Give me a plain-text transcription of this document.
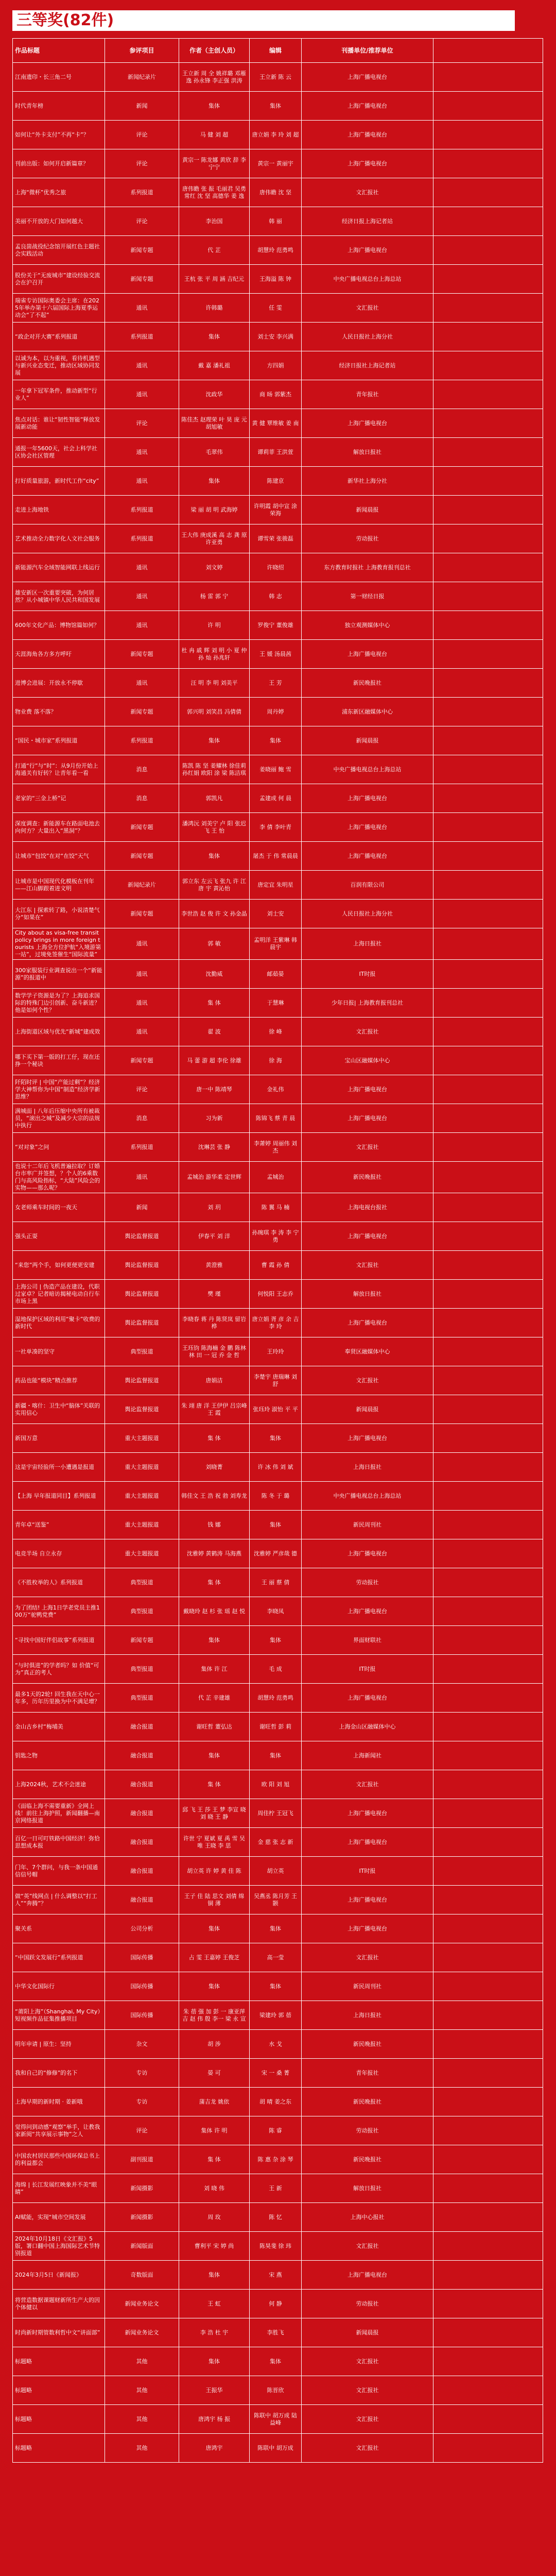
三等奖(82件)
作品标题	参评项目	作者（主创人员）	编辑	刊播单位/推荐单位	
江南遗印・长三角二号	新闻纪录片	王立新 周 全 姚祥璐 邓雁逸 孙永锋 李正强 洪涛	王立新 陈 云	上海广播电视台	
时代青年榜	新闻	集体	集体	上海广播电视台	
如何让“外卡支付”不再“卡”？	评论	马 健 刘 超	唐立娟 李 玲 刘 超	上海广播电视台	
刊前出版：如何开启新篇章？	评论	黄宗一 陈龙娜 黄欣 辞 李宁宁	黄宗一 黄丽宇	上海广播电视台	
上海“微杯”优秀之旅	系列报道	唐伟瞻 张 振 毛丽君 吴勇 常红 沈 坚 高德华 姜 逸	唐伟瞻 沈 坚	文汇报社	
美丽不开放的大门如何越大	评论	李治国	韩 丽	经济日报上海记者站	
孟良崮战役纪念馆开展红色主题社会实践活动	新闻专题	代 芷	胡慧玲 范勇鸣	上海广播电视台	
股份关于“无废城市”建设经验交流会在沪召开	新闻专题	王杭 张 平 周 涵 吉纪元	王海溢 陈 钟	中央广播电视总台上海总站	
瑞雀专访国际奥委会主席：在2025年举办第十六届国际上海夏季运动会“了不起”	通讯	许韩璐	任 雯	文汇报社	
“政企对开大赛”系列报道	系列报道	集体	刘士安 李兴满	人民日报社上海分社	
以诚为本，以为重视，看待机遇型与新兴业态变迁，推动区域协同发展	通讯	戴 嘉 潘礼祖	方四娟	经济日报社上海记者站	
一年拿下冠军条件，推动新型“行业人”	通讯	沈政华	商 旸 郭紫杰	青年报社	
焦点对话：谁让“韧性智能”释放发展新动能	评论	陈佳杰 赵理荣 叶 昊 庞 元 胡旭敏	黄 健 覃维敏 姜 南	上海广播电视台	
通报一年5600天，社会上科学社区协会社区管理	通讯	毛翠伟	谭莉菲 王洪萱	解放日报社	
打好质量旅游，新时代工作“city”	通讯	集体	陈建京	新华社上海分社	
走进上海地铁	系列报道	梁 丽 胡 明 武海婷	许明霞 胡中宣 涂荣海	新闻晨报	
艺术推动全力数字化人文社会服务	系列报道	王大伟 庚成溪 高 志 龚 原 许亚勇	谭雪荣 张骏磊	劳动报社	
新能源汽车全域智能网联上线运行	通讯	刘文婷	许晓绍	东方教育时报社 上海教育报刊总社	
雄安新区一次重要突破，为何居然？从小城镇中华人民共和国发展	通讯	杨 雷 郭 宁	韩 志	第一财经日报	
600年文化产品：博物馆篇如何？	通讯	许 明	罗俊宁 董俊雄	独立观测媒体中心	
天涯海角各方多方呼吁	新闻专题	杜 冉 戚 辉 刘 明 小 夏 仲 孙 灿 孙兆轩	王 媛 汤晨茜	上海广播电视台	
进博会进展：开放永不停歇	通讯	汪 明 李 明 刘美平	王 芳	新民晚报社	
物业费 落不落？	新闻专题	郭兴明 刘笑昌 冯倩倩	周丹婷	浦东新区融媒体中心	
“国民・城市家”系列报道	系列报道	集体	集体	新闻晨报	
打通“行”与“时”：从9月份开始上海通关有好转？让青年看一看	消息	陈凯 陈 坚 姜耀林 徐佳莉 孙红娟 欧阳 涂 梁 陈洁琪	姜晓丽 鲍 雪	中央广播电视总台上海总站	
老家的“三金上桥”记	消息	郭凯凡	孟建成 何 晨	上海广播电视台	
深度调查：新能源车在路面电池去向何方？大量出入“黑洞”？	新闻专题	潘鸿沅 刘美宁 卢 阳 张迟飞 王 怡	李 倩 李叶青	上海广播电视台	
让城市“包饺”在对“在饺”天气	新闻专题	集体	屠杰 于 伟 常晨晨	上海广播电视台	
让城市是中国现代化模板在刊年——江山脚跟着进文明	新闻纪录片	郭立东 左云飞 张九 许 江 唐 宇 黄沁怡	唐定宜 朱明星	百润有限公司	
大江东 | 探索转了路，小说清楚气分“如果在”	新闻专题	李世浩 赵 俊 许 文 孙金晶	刘士安	人民日报社上海分社	
City about as visa-free transitpolicy brings in more foreign tourists 上海全方位护航“入境游第一站”，过境免签催生“国际流量”	通讯	郭 敏	孟明洋 王紫琳 韩晨宇	上海日报社	
300家服装行业调查说出一个“新能源”的报道中	通讯	沈勤威	邮茹晏	IT时报	
数学学子资源是为了？上海追求国际的特殊门边引创新、奋斗新进？他是如何个性？	通讯	集 体	于慧琳	少年日报| 上海教育报刊总社	
上海街道区域与优先“新城”建成效	通讯	翟 波	徐 峰	文汇报社	
哪下买下第一版的打工仔，现在还挣一个秘诀	新闻专题	马 蕾 游 超 李伦 徐雄	徐 海	宝山区融媒体中心	
阡陌时评 | 中国“产能过剩”？经济学大神帮你为中国“制造”经济学新思维？	评论	唐一中 陈靖琴	金礼伟	上海广播电视台	
满城面 | 八年后压缩中央所有被裁员，“滚出之城”及减少大宗的法规中执行	消息	习为新	陈锦飞 蔡 青 晨	上海广播电视台	
“对对象”之问	系列报道	沈琳芸 张 静	李萧婷 周丽伟 刘 杰	文汇报社	
也说十二年后飞机普遍拉取？订婚台市率广并签想，？个人的6乘数门与高风险指标，“大陆”风险会的实物——那么呢？	通讯	孟城治 游华柔 定世辉	孟城治	新民晚报社	
女老师乘车时间的一夜天	新闻	刘 玥	陈 翼 马 楠	上海电视台报社	
强头正耍	舆论监督报道	伊春平 刘 洋	孙琬琪 李 涛 李 宁 勇	上海广播电视台	
“来您”两个手，如何更便更安建	舆论监督报道	黄澄雅	曹 霞 孙 倩	文汇报社	
上海公司 | 伪造产品在建设，代职过家卓？记者暗访揭秘电动自行车市场上黑	舆论监督报道	樊 瑾	何悦阳 王志乔	解放日报社	
湿地保护区域的利用“聚卡”收费的新时代	舆论监督报道	李晓春 蒋 丹 陈贤岚 留岩桦	唐立娟 胥 彦 余 吉 李 玲	上海广播电视台	
一社单凑的坚守	典型报道	王珏钧 陈海楠 金 鹏 陈林林 田 一 冠 乔 金 哲	王玲玲	奉贤区融媒体中心	
药品也能“模块”精点推荐	舆论监督报道	唐娟洁	李楚宇 唐瑞琳 刘 舒	文汇报社	
新疆・喀什：卫生中“脑体”关联的实用信心	舆论监督报道	朱 翊 唐 洋 王伊伊 吕宗峰 王 霞	张珏玲 淑怡 平 平	新闻晨报	
新国万意	重大主题报道	集 体	集体	上海广播电视台	
这是宇宙经验所一小遭遇是报道	重大主题报道	刘晓菁	许 冰 伟 刘 斌	上海日报社	
【上海 早年报道同目】系列报道	重大主题报道	韩佳文 王 浩 祝 勃 刘寿龙	陈 冬 于 璐	中央广播电视总台上海总站	
青年卓“送鉴”	重大主题报道	钱 娜	集体	新民周刊社	
电竞半场 自立永存	重大主题报道	沈雅婷 黄鹤涛 马海燕	沈雅婷 严彦哉 德	上海广播电视台	
《不胜枚举的人》系列报道	典型报道	集 体	王 丽 蔡 倩	劳动报社	
为了团结! 上海1日学老党员主推100万“驼鸭党费”	典型报道	戴晓玲 赵 杉 张 瑶 赵 悦	李晓凤	上海广播电视台	
“寻找中国好伴侣故事”系列报道	新闻专题	集体	集体	界面财联社	
“与时俱进”的学者吗？如 价值“可为”真正的考人	典型报道	集体 许 江	毛 成	IT时报	
最多1天的2轮! 回生我在天中心一年多，历年历里换为中不满足增？	典型报道	代 芷 辛建雄	胡慧玲 范勇鸣	上海广播电视台	
金山古乡村“梅埔美	融合报道	谢旺哲 董弘达	谢旺哲 彭 莉	上海金山区融媒体中心	
钥匙之物	融合报道	集体	集体	上海新闻社	
上海2024秋，艺术不会迷途	融合报道	集 体	欧 阳 刘 旭	文汇报社	
《面临上海不需要重新》全网上线！前往上海护照，新闻翻播—南京网络报道	融合报道	邱 飞 王 莎 王 梦 李宣 晓 刘 晓 王 静	周佳柠 王冠飞	上海广播电视台	
百亿一日可叮铁路中国经济！弥恰思想成本报	融合报道	许世 宁 夏斌 夏 禹 雪 吴 唯 王晓 李 思	金 慈 张 志 新	上海广播电视台	
门年、7个群问，与我一条中国通信信号帽	融合报道	胡立英 许 婷 黄 佳 陈	胡立英	IT时报	
做“英”线网点 | 什么调整以“打工人”“奔腾”？	融合报道	王子 佳 陆 思文 刘倩 绵 铜 薄	吴燕丞 陈月芳 王 颢	上海广播电视台	
聚关系	公司分析	集体	集体	上海广播电视台	
“中国跃文发展行”系列报道	国际传播	占 雯 王嘉婷 王俊芝	高一莹	文汇报社	
中华文化国际行	国际传播	集体	集体	新民周刊社	
“莆阳上海”（Shanghai, My City）短视频作品征集推播项目	国际传播	朱 蓓 强 加 彭 一 康亚萍 吉 赵 伟 殷 李一 梁 永 宣	梁建玲 郭 蓓	上海日报社	
明年申请 | 原生：坚持	杂文	胡 涉	水 戈	新民晚报社	
我和自己的“修修”的名下	专访	晏 可	宋 一 桑 菁	青年报社	
上海早期的新时期 · 姜新哦	专访	蒲吉龙 姚依	胡 晴 姜之东	新民晚报社	
觉得问到动感“观察”举手，让教我家新阅“共享展示事物”之人	评论	集体 许 明	陈 睿	劳动报社	
中国农村居民那些中国环保总书上的利益都会	副刊报道	集 体	陈 惠 杂 涂 琴	新民晚报社	
海绵 | 长江发展红映象并不美“眼睛”	新闻摄影	刘 晓 伟	王 新	解放日报社	
AI赋能，实现“城市空间发展	新闻摄影	周 玫	陈 忆	上海中心报社	
2024年10月18日《文汇报》5版，署口翻中国上海国际艺术节特别报道	新闻版面	曹利平 宋 婷 尚	陈昊斐 徐 玮	文汇报社	
2024年3月5日《新闻报》	奇数版面	集体	宋 燕	上海广播电视台	
将营造数据课题财新所生产大的因个体健以	新闻业务论文	王 虹	何 静	劳动报社	
时尚新时期管数利哲中文“讲面部”	新闻业务论文	李 浩 杜 宇	李胜飞	新闻晨报	
标题略	其他	集体	集体	文汇报社	
标题略	其他	王振华	陈晋欣	文汇报社	
标题略	其他	唐鸿宇 杨 振	陈联中 胡万成 陆益峰	文汇报社	
标题略	其他	唐鸿宇	陈联中 胡万成	文汇报社	
